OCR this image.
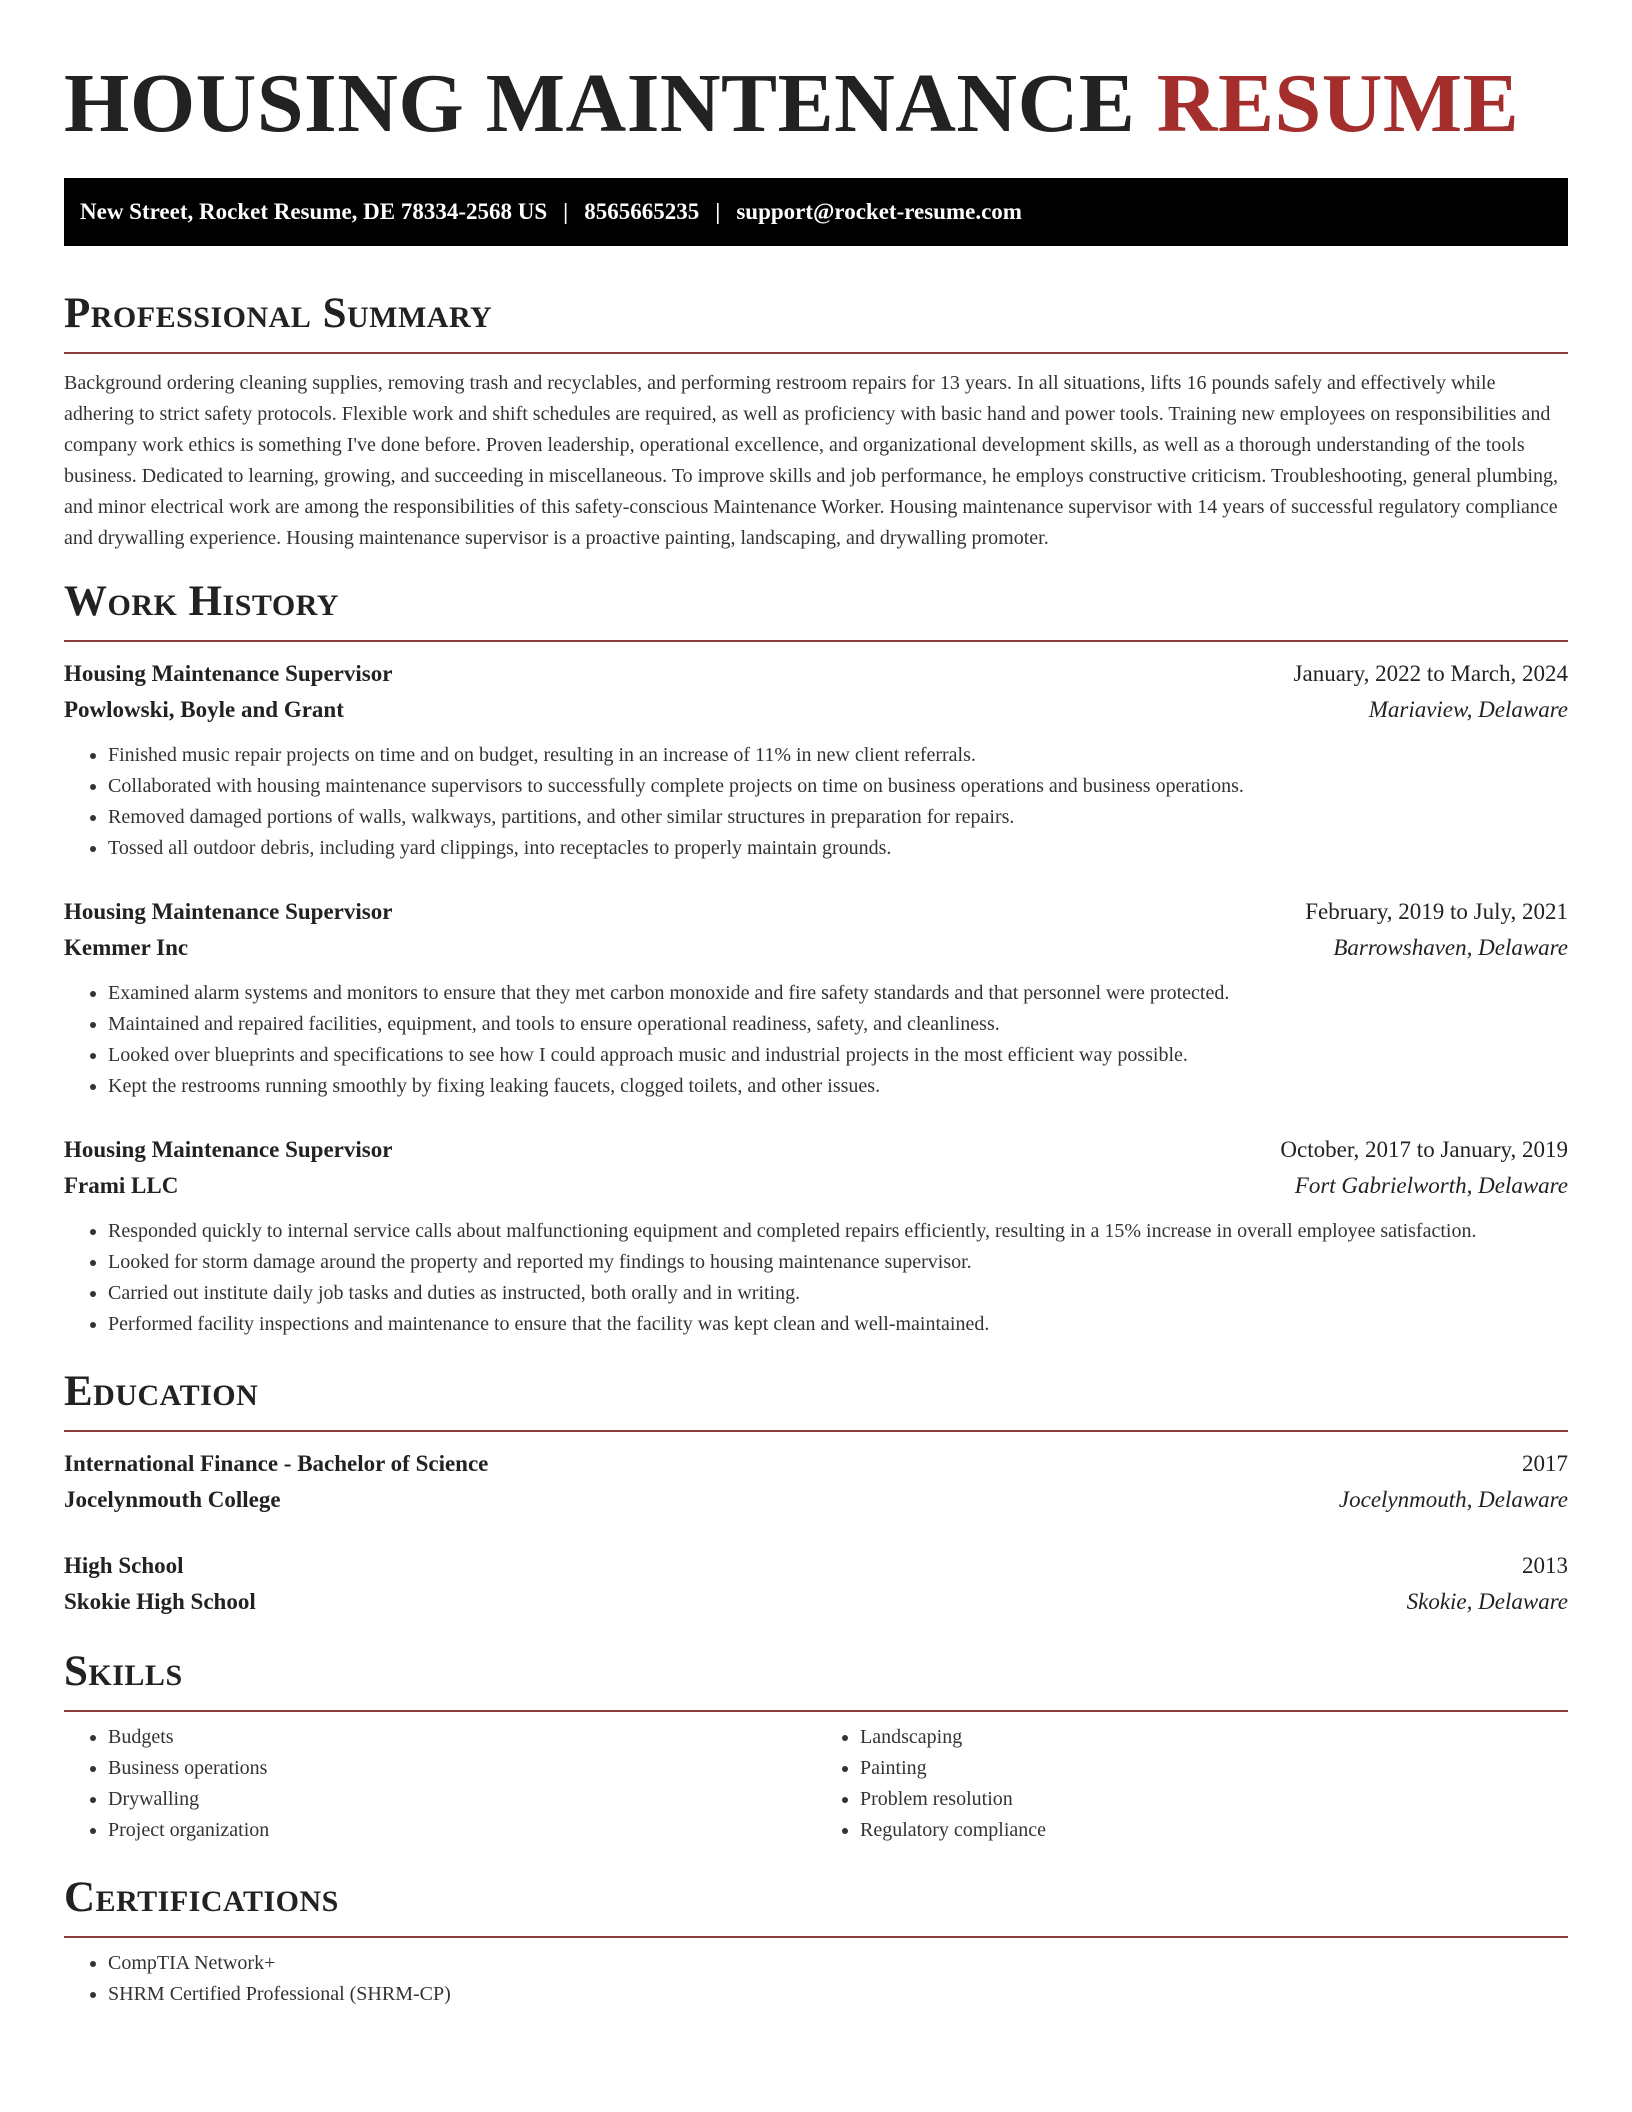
HOUSING MAINTENANCE RESUME
New Street, Rocket Resume, DE 78334-2568 US | 8565665235 | support@rocket-resume.com
Professional Summary

Background ordering cleaning supplies, removing trash and recyclables, and performing restroom repairs for 13 years. In all situations, lifts 16 pounds safely and effectively while adhering to strict safety protocols. Flexible work and shift schedules are required, as well as proficiency with basic hand and power tools. Training new employees on responsibilities and company work ethics is something I've done before. Proven leadership, operational excellence, and organizational development skills, as well as a thorough understanding of the tools business. Dedicated to learning, growing, and succeeding in miscellaneous. To improve skills and job performance, he employs constructive criticism. Troubleshooting, general plumbing, and minor electrical work are among the responsibilities of this safety-conscious Maintenance Worker. Housing maintenance supervisor with 14 years of successful regulatory compliance and drywalling experience. Housing maintenance supervisor is a proactive painting, landscaping, and drywalling promoter.

Work History
Housing Maintenance Supervisor	January, 2022 to March, 2024
Powlowski, Boyle and Grant	Mariaview, Delaware
• Finished music repair projects on time and on budget, resulting in an increase of 11% in new client referrals.
• Collaborated with housing maintenance supervisors to successfully complete projects on time on business operations and business operations.
• Removed damaged portions of walls, walkways, partitions, and other similar structures in preparation for repairs.
• Tossed all outdoor debris, including yard clippings, into receptacles to properly maintain grounds.
Housing Maintenance Supervisor	February, 2019 to July, 2021
Kemmer Inc	Barrowshaven, Delaware
• Examined alarm systems and monitors to ensure that they met carbon monoxide and fire safety standards and that personnel were protected.
• Maintained and repaired facilities, equipment, and tools to ensure operational readiness, safety, and cleanliness.
• Looked over blueprints and specifications to see how I could approach music and industrial projects in the most efficient way possible.
• Kept the restrooms running smoothly by fixing leaking faucets, clogged toilets, and other issues.
Housing Maintenance Supervisor	October, 2017 to January, 2019
Frami LLC	Fort Gabrielworth, Delaware
• Responded quickly to internal service calls about malfunctioning equipment and completed repairs efficiently, resulting in a 15% increase in overall employee satisfaction.
• Looked for storm damage around the property and reported my findings to housing maintenance supervisor.
• Carried out institute daily job tasks and duties as instructed, both orally and in writing.
• Performed facility inspections and maintenance to ensure that the facility was kept clean and well-maintained.
Education
International Finance - Bachelor of Science	2017
Jocelynmouth College	Jocelynmouth, Delaware
High School	2013
Skokie High School	Skokie, Delaware
Skills
• Budgets
• Business operations
• Drywalling
• Project organization
• Landscaping
• Painting
• Problem resolution
• Regulatory compliance
Certifications
• CompTIA Network+
• SHRM Certified Professional (SHRM-CP)
